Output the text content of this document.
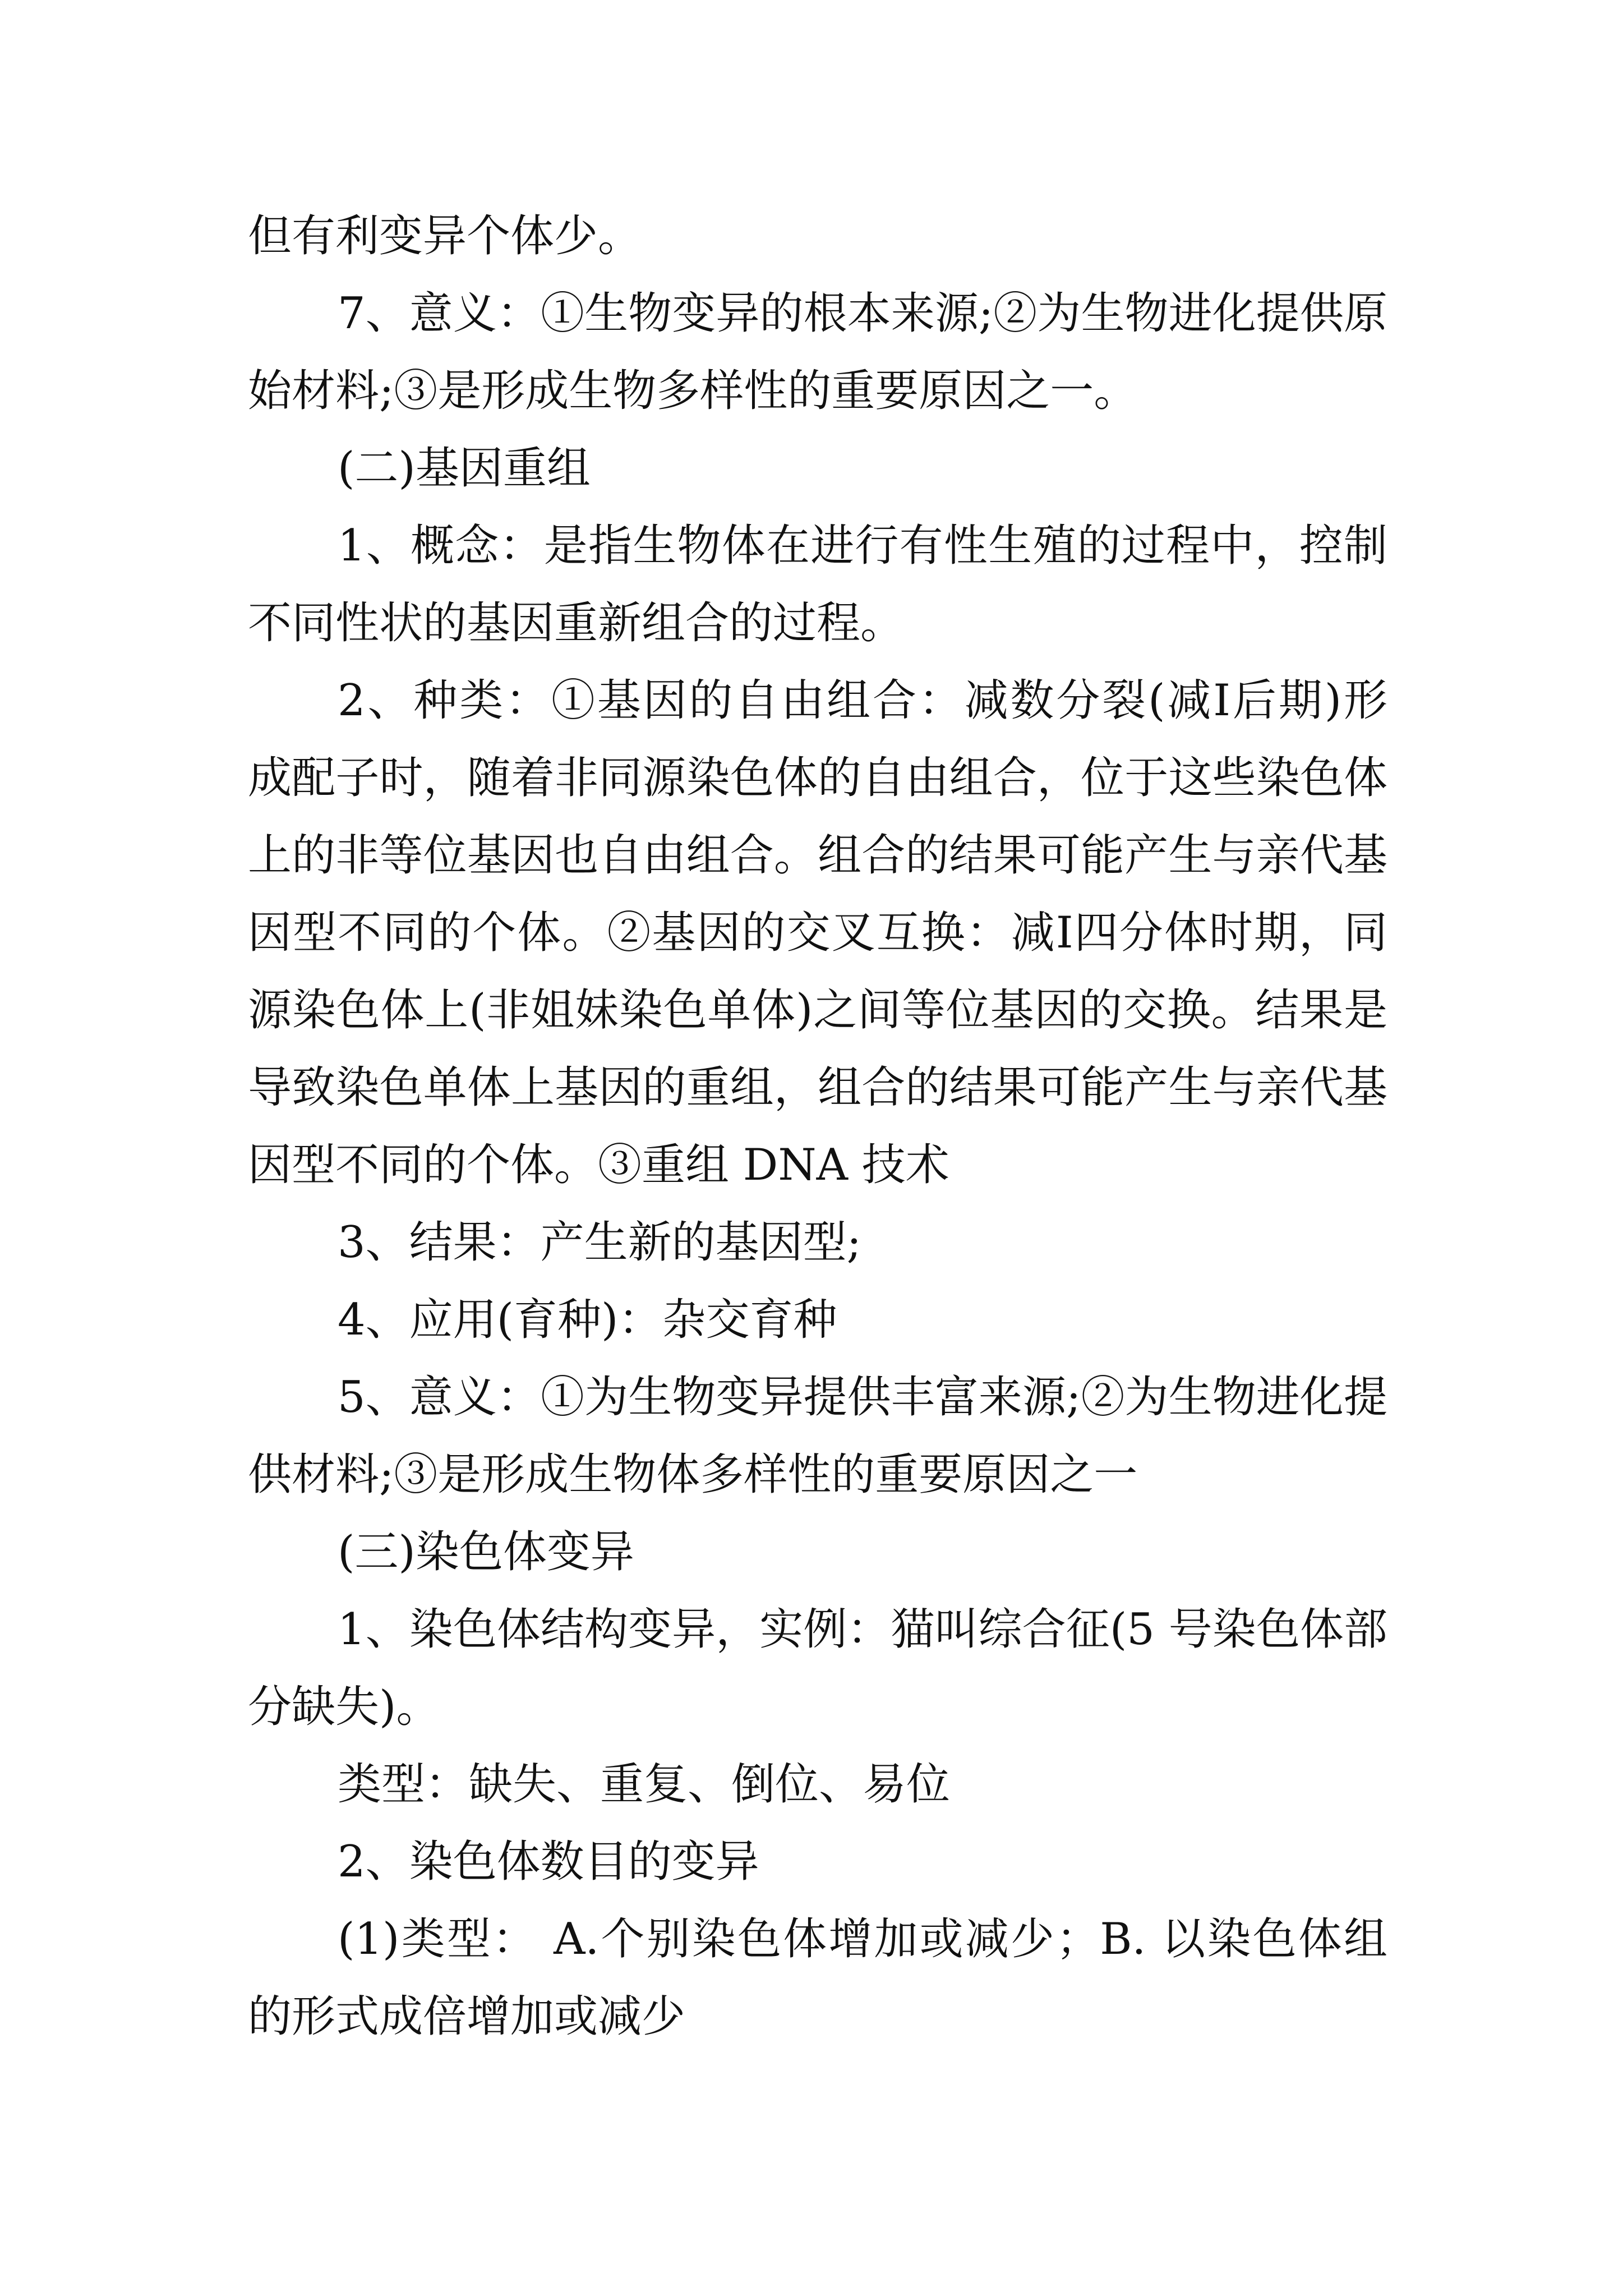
但有利变异个体少。
7、意义：①生物变异的根本来源;②为生物进化提供原
始材料;③是形成生物多样性的重要原因之一。
(二)基因重组
1、概念：是指生物体在进行有性生殖的过程中，控制
不同性状的基因重新组合的过程。
2、种类：①基因的自由组合：减数分裂(减Ⅰ后期)形
成配子时，随着非同源染色体的自由组合，位于这些染色体
上的非等位基因也自由组合。组合的结果可能产生与亲代基
因型不同的个体。②基因的交叉互换：减Ⅰ四分体时期，同
源染色体上(非姐妹染色单体)之间等位基因的交换。结果是
导致染色单体上基因的重组，组合的结果可能产生与亲代基
因型不同的个体。③重组 DNA 技术
3、结果：产生新的基因型;
4、应用(育种)：杂交育种
5、意义：①为生物变异提供丰富来源;②为生物进化提
供材料;③是形成生物体多样性的重要原因之一
(三)染色体变异
1、染色体结构变异，实例：猫叫综合征(5 号染色体部
分缺失)。
类型：缺失、重复、倒位、易位
2、染色体数目的变异
(1)类型： A.个别染色体增加或减少；B. 以染色体组
的形式成倍增加或减少
